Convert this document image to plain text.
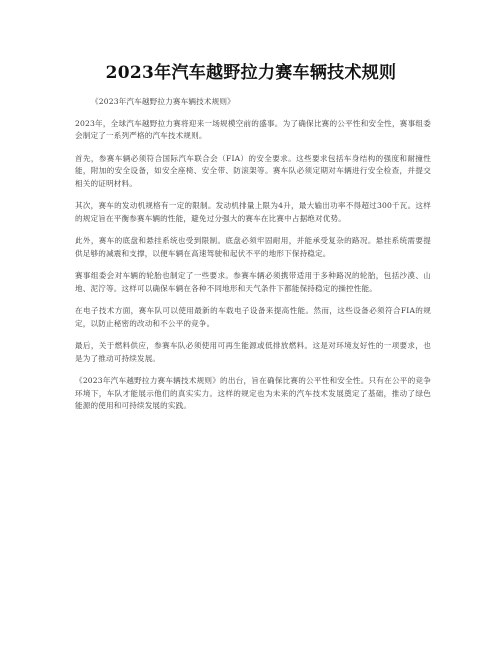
2023年汽车越野拉力赛车辆技术规则

《2023年汽车越野拉力赛车辆技术规则》

2023年，全球汽车越野拉力赛将迎来一场规模空前的盛事。为了确保比赛的公平性和安全性，赛事组委会制定了一系列严格的汽车技术规则。

首先，参赛车辆必须符合国际汽车联合会（FIA）的安全要求。这些要求包括车身结构的强度和耐撞性能，附加的安全设备，如安全座椅、安全带、防滚架等。赛车队必须定期对车辆进行安全检查，并提交相关的证明材料。

其次，赛车的发动机规格有一定的限制。发动机排量上限为4升，最大输出功率不得超过300千瓦。这样的规定旨在平衡参赛车辆的性能，避免过分强大的赛车在比赛中占据绝对优势。

此外，赛车的底盘和悬挂系统也受到限制。底盘必须牢固耐用，并能承受复杂的路况。悬挂系统需要提供足够的减震和支撑，以便车辆在高速驾驶和起伏不平的地形下保持稳定。

赛事组委会对车辆的轮胎也制定了一些要求。参赛车辆必须携带适用于多种路况的轮胎，包括沙漠、山地、泥泞等。这样可以确保车辆在各种不同地形和天气条件下都能保持稳定的操控性能。

在电子技术方面，赛车队可以使用最新的车载电子设备来提高性能。然而，这些设备必须符合FIA的规定，以防止秘密的改动和不公平的竞争。

最后，关于燃料供应，参赛车队必须使用可再生能源或低排放燃料。这是对环境友好性的一项要求，也是为了推动可持续发展。

《2023年汽车越野拉力赛车辆技术规则》的出台，旨在确保比赛的公平性和安全性。只有在公平的竞争环境下，车队才能展示他们的真实实力。这样的规定也为未来的汽车技术发展奠定了基础，推动了绿色能源的使用和可持续发展的实践。
